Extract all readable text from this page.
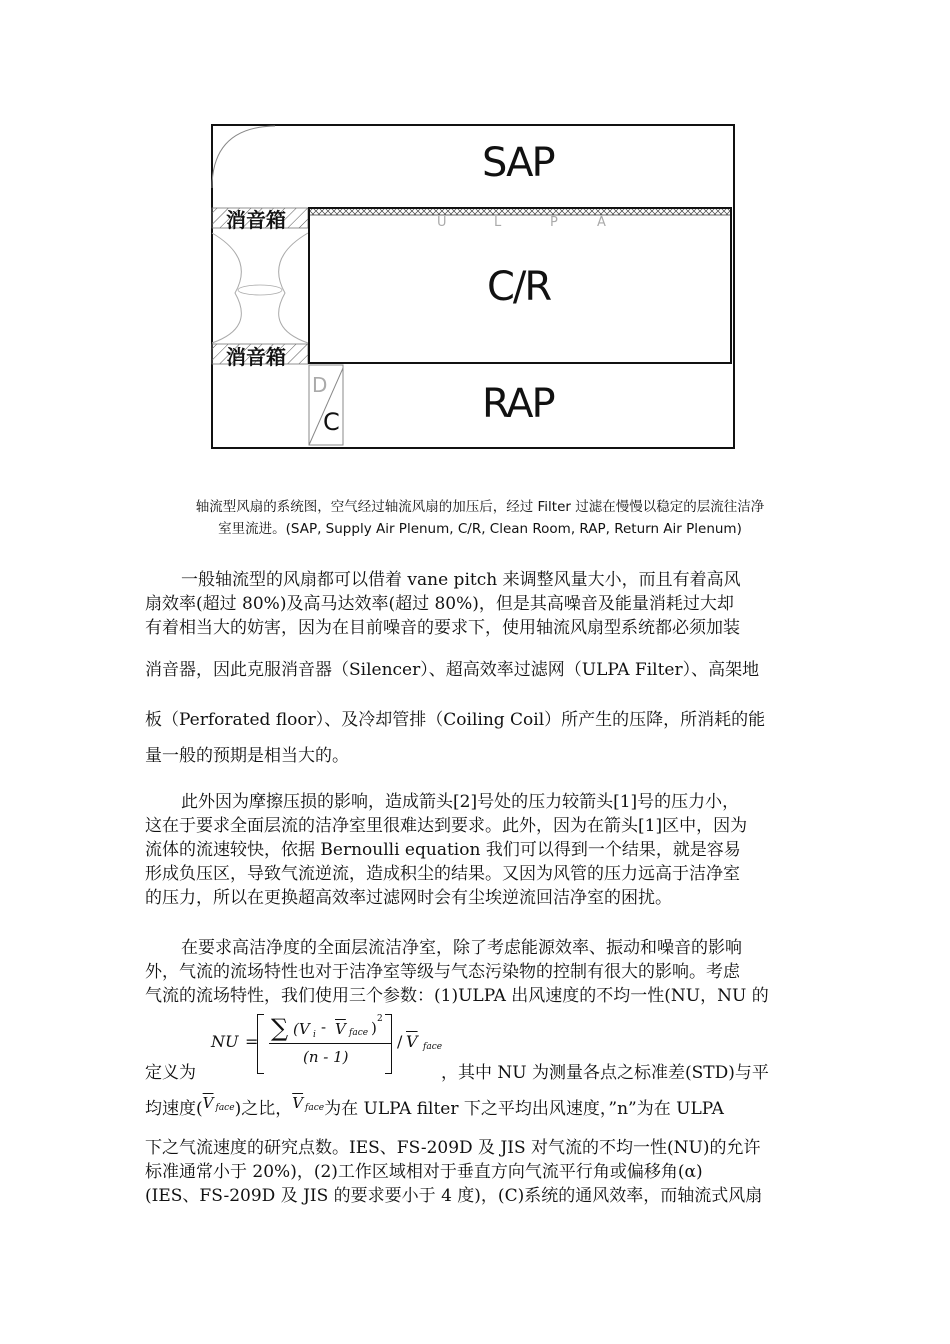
SAP
C/R
RAP
消音箱
消音箱
U	L	P	A
D
C
轴流型风扇的系统图，空气经过轴流风扇的加压后，经过 Filter 过滤在慢慢以稳定的层流往洁净
室里流进。(SAP, Supply Air Plenum, C/R, Clean Room, RAP, Return Air Plenum)
一般轴流型的风扇都可以借着 vane pitch 来调整风量大小，而且有着高风
扇效率(超过 80%)及高马达效率(超过 80%)，但是其高噪音及能量消耗过大却
有着相当大的妨害，因为在目前噪音的要求下，使用轴流风扇型系统都必须加装
消音器，因此克服消音器（Silencer）、超高效率过滤网（ULPA Filter）、高架地
板（Perforated floor）、及冷却管排（Coiling Coil）所产生的压降，所消耗的能
量一般的预期是相当大的。
此外因为摩擦压损的影响，造成箭头[2]号处的压力较箭头[1]号的压力小，
这在于要求全面层流的洁净室里很难达到要求。此外，因为在箭头[1]区中，因为
流体的流速较快，依据 Bernoulli equation 我们可以得到一个结果，就是容易
形成负压区，导致气流逆流，造成积尘的结果。又因为风管的压力远高于洁净室
的压力，所以在更换超高效率过滤网时会有尘埃逆流回洁净室的困扰。
在要求高洁净度的全面层流洁净室，除了考虑能源效率、振动和噪音的影响
外，气流的流场特性也对于洁净室等级与气态污染物的控制有很大的影响。考虑
气流的流场特性，我们使用三个参数：(1)ULPA 出风速度的不均一性(NU，NU 的
NU = ∑ (V i - $\overline{V}$ face ) 2
(n - 1)
/ $\overline{V}$ face
定义为	，其中 NU 为测量各点之标准差(STD)与平
均速度($\overline{V}$ $^{face}$)之比，$\overline{V}$ $^{face}$为在 ULPA filter 下之平均出风速度，”n”为在 ULPA
下之气流速度的研究点数。IES、FS-209D 及 JIS 对气流的不均一性(NU)的允许
标准通常小于 20%)，(2)工作区域相对于垂直方向气流平行角或偏移角(α)
(IES、FS-209D 及 JIS 的要求要小于 4 度)，(C)系统的通风效率，而轴流式风扇
